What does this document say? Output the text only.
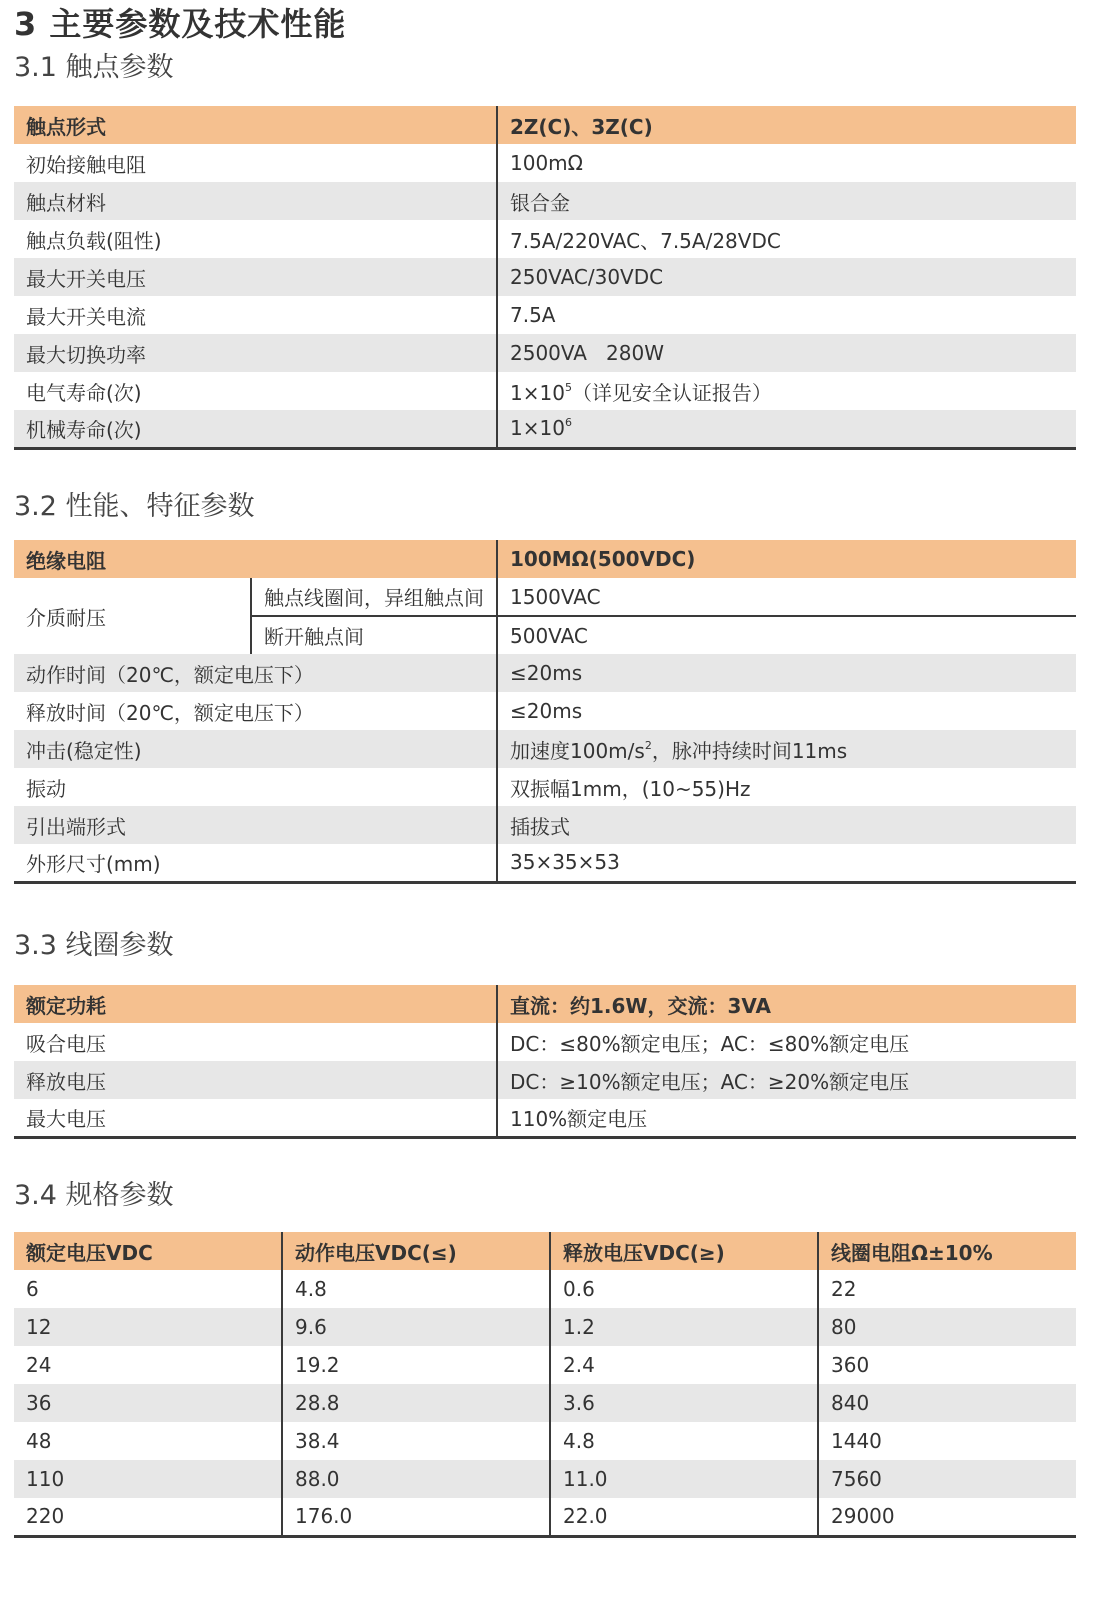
3 主要参数及技术性能
3.1 触点参数
触点形式	2Z(C)、3Z(C)
初始接触电阻	100mΩ
触点材料	银合金
触点负载(阻性)	7.5A/220VAC、7.5A/28VDC
最大开关电压	250VAC/30VDC
最大开关电流	7.5A
最大切换功率	2500VA   280W
电气寿命(次)	$1\times 10^5$（详见安全认证报告）
机械寿命(次)	$1\times 10^6$
3.2 性能、特征参数
绝缘电阻		100MΩ(500VDC)
介质耐压	触点线圈间，异组触点间	1500VAC
	断开触点间	500VAC
动作时间（20℃，额定电压下）		≤20ms
释放时间（20℃，额定电压下）		≤20ms
冲击(稳定性)		加速度$100m/s^2$，脉冲持续时间11ms
振动		双振幅1mm，(10~55)Hz
引出端形式		插拔式
外形尺寸(mm)		35×35×53
3.3 线圈参数
额定功耗	直流：约1.6W，交流：3VA
吸合电压	DC：≤80%额定电压；AC：≤80%额定电压
释放电压	DC：≥10%额定电压；AC：≥20%额定电压
最大电压	110%额定电压
3.4 规格参数
额定电压VDC	动作电压VDC(≤)	释放电压VDC(≥)	线圈电阻Ω±10%
6	4.8	0.6	22
12	9.6	1.2	80
24	19.2	2.4	360
36	28.8	3.6	840
48	38.4	4.8	1440
110	88.0	11.0	7560
220	176.0	22.0	29000
